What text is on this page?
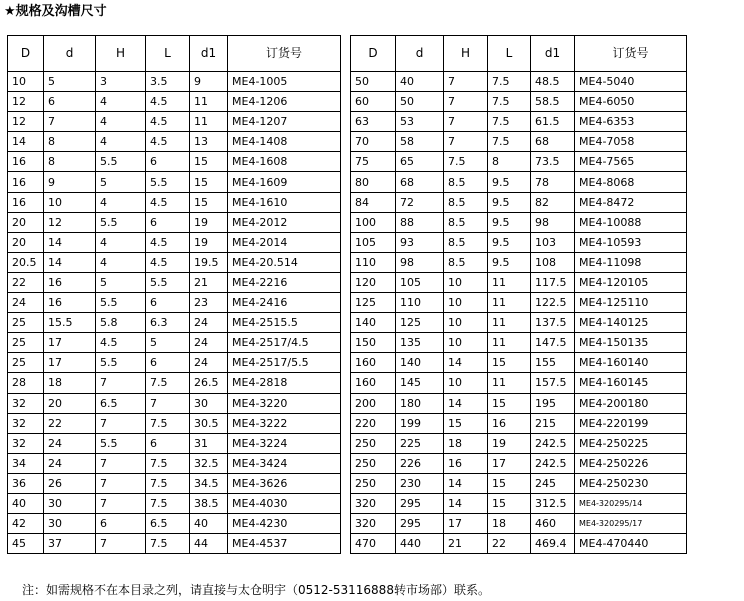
★规格及沟槽尺寸
D	d	H	L	d1	订货号
10	5	3	3.5	9	ME4-1005
12	6	4	4.5	11	ME4-1206
12	7	4	4.5	11	ME4-1207
14	8	4	4.5	13	ME4-1408
16	8	5.5	6	15	ME4-1608
16	9	5	5.5	15	ME4-1609
16	10	4	4.5	15	ME4-1610
20	12	5.5	6	19	ME4-2012
20	14	4	4.5	19	ME4-2014
20.5	14	4	4.5	19.5	ME4-20.514
22	16	5	5.5	21	ME4-2216
24	16	5.5	6	23	ME4-2416
25	15.5	5.8	6.3	24	ME4-2515.5
25	17	4.5	5	24	ME4-2517/4.5
25	17	5.5	6	24	ME4-2517/5.5
28	18	7	7.5	26.5	ME4-2818
32	20	6.5	7	30	ME4-3220
32	22	7	7.5	30.5	ME4-3222
32	24	5.5	6	31	ME4-3224
34	24	7	7.5	32.5	ME4-3424
36	26	7	7.5	34.5	ME4-3626
40	30	7	7.5	38.5	ME4-4030
42	30	6	6.5	40	ME4-4230
45	37	7	7.5	44	ME4-4537
D	d	H	L	d1	订货号
50	40	7	7.5	48.5	ME4-5040
60	50	7	7.5	58.5	ME4-6050
63	53	7	7.5	61.5	ME4-6353
70	58	7	7.5	68	ME4-7058
75	65	7.5	8	73.5	ME4-7565
80	68	8.5	9.5	78	ME4-8068
84	72	8.5	9.5	82	ME4-8472
100	88	8.5	9.5	98	ME4-10088
105	93	8.5	9.5	103	ME4-10593
110	98	8.5	9.5	108	ME4-11098
120	105	10	11	117.5	ME4-120105
125	110	10	11	122.5	ME4-125110
140	125	10	11	137.5	ME4-140125
150	135	10	11	147.5	ME4-150135
160	140	14	15	155	ME4-160140
160	145	10	11	157.5	ME4-160145
200	180	14	15	195	ME4-200180
220	199	15	16	215	ME4-220199
250	225	18	19	242.5	ME4-250225
250	226	16	17	242.5	ME4-250226
250	230	14	15	245	ME4-250230
320	295	14	15	312.5	ME4-320295/14
320	295	17	18	460	ME4-320295/17
470	440	21	22	469.4	ME4-470440
注：如需规格不在本目录之列，请直接与太仓明宇（0512-53116888转市场部）联系。
